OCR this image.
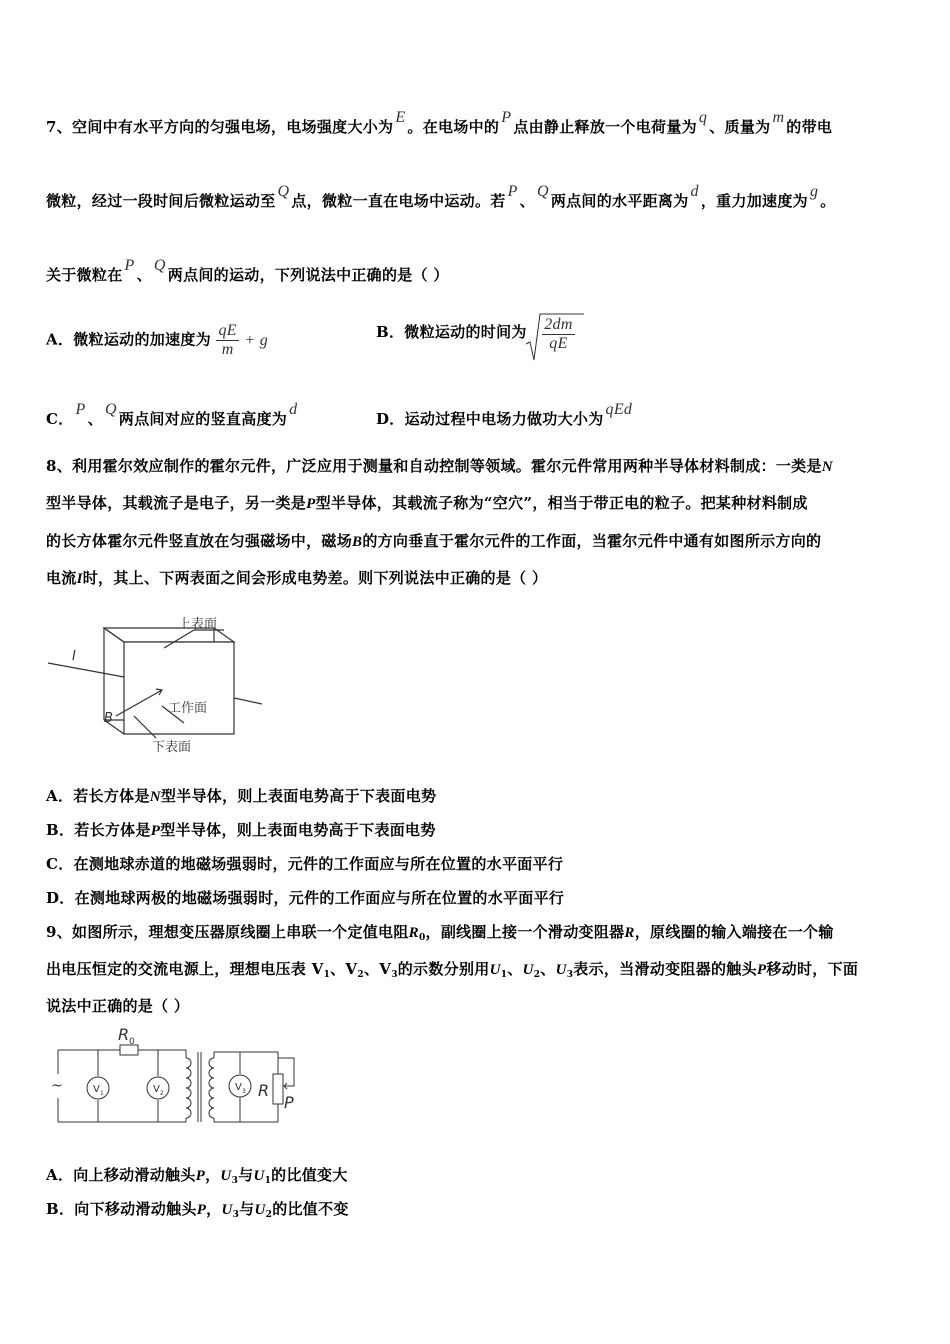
7、空间中有水平方向的匀强电场，电场强度大小为E。在电场中的P点由静止释放一个电荷量为q、质量为m的带电
微粒，经过一段时间后微粒运动至Q点，微粒一直在电场中运动。若P、Q两点间的水平距离为d，重力加速度为g。
关于微粒在P、Q两点间的运动，下列说法中正确的是（ ）
A．微粒运动的加速度为 $\frac{qE}{m} + g$	B．微粒运动的时间为 $\frac{2dm}{qE}$
C．P、Q两点间对应的竖直高度为d
D．运动过程中电场力做功大小为qEd
8、利用霍尔效应制作的霍尔元件，广泛应用于测量和自动控制等领域。霍尔元件常用两种半导体材料制成：一类是N
型半导体，其载流子是电子，另一类是P型半导体，其载流子称为“空穴”，相当于带正电的粒子。把某种材料制成
的长方体霍尔元件竖直放在匀强磁场中，磁场B的方向垂直于霍尔元件的工作面，当霍尔元件中通有如图所示方向的
电流I时，其上、下两表面之间会形成电势差。则下列说法中正确的是（ ）
上表面
工作面
下表面
I
B
A．若长方体是N型半导体，则上表面电势高于下表面电势
B．若长方体是P型半导体，则上表面电势高于下表面电势
C．在测地球赤道的地磁场强弱时，元件的工作面应与所在位置的水平面平行
D．在测地球两极的地磁场强弱时，元件的工作面应与所在位置的水平面平行
9、如图所示，理想变压器原线圈上串联一个定值电阻$R_0$，副线圈上接一个滑动变阻器R，原线圈的输入端接在一个输
出电压恒定的交流电源上，理想电压表 $V_1$、$V_2$、$V_3$的示数分别用$U_1$、$U_2$、$U_3$表示，当滑动变阻器的触头P移动时，下面
说法中正确的是（ ）
~
R 0
V 1	V 2
V 3 R
P
A．向上移动滑动触头P，$U_3$与$U_1$的比值变大
B．向下移动滑动触头P，$U_3$与$U_2$的比值不变
